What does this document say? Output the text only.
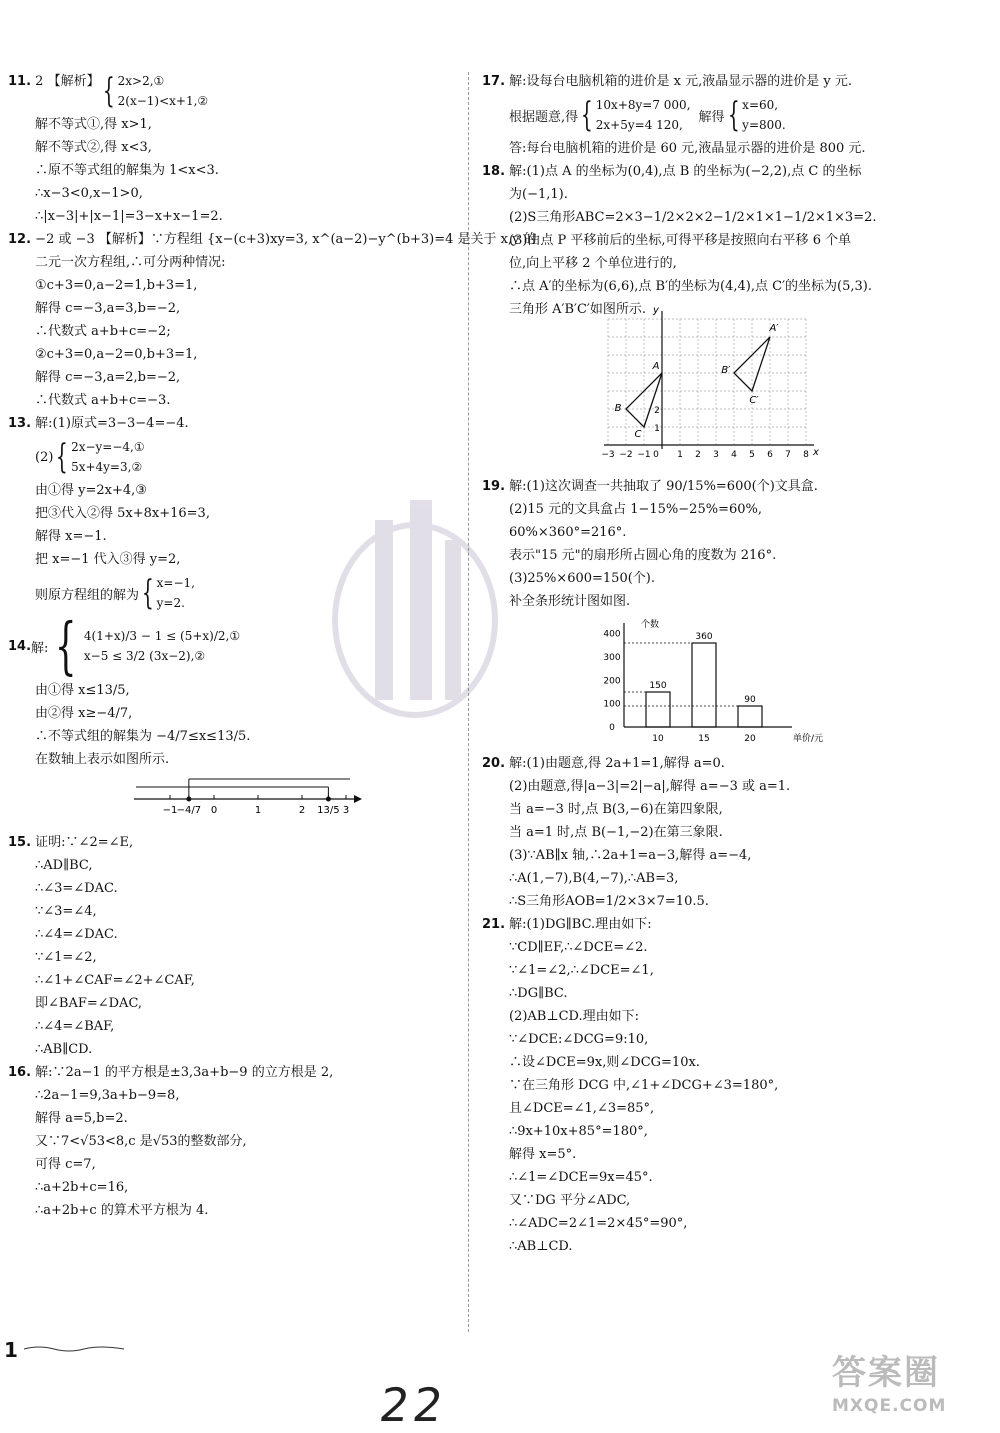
11. 2 【解析】 { 2x>2,①
2(x−1)<x+1,②
解不等式①,得 x>1,
解不等式②,得 x<3,
∴原不等式组的解集为 1<x<3.
∴x−3<0,x−1>0,
∴|x−3|+|x−1|=3−x+x−1=2.
12. −2 或 −3 【解析】∵方程组 {x−(c+3)xy=3, x^(a−2)−y^(b+3)=4 是关于 x,y 的
二元一次方程组,∴可分两种情况:
①c+3=0,a−2=1,b+3=1,
解得 c=−3,a=3,b=−2,
∴代数式 a+b+c=−2;
②c+3=0,a−2=0,b+3=1,
解得 c=−3,a=2,b=−2,
∴代数式 a+b+c=−3.
13. 解:(1)原式=3−3−4=−4.
(2) { 2x−y=−4,①
5x+4y=3,②
由①得 y=2x+4,③
把③代入②得 5x+8x+16=3,
解得 x=−1.
把 x=−1 代入③得 y=2,
则原方程组的解为 { x=−1,
y=2.
14. 解: { 4(1+x)/3 − 1 ≤ (5+x)/2,①
x−5 ≤ 3/2 (3x−2),②
由①得 x≤13/5,
由②得 x≥−4/7,
∴不等式组的解集为 −4/7≤x≤13/5.
在数轴上表示如图所示.
−1 −4/7 0	1	2 13/5 3
15. 证明:∵∠2=∠E,
∴AD∥BC,
∴∠3=∠DAC.
∵∠3=∠4,
∴∠4=∠DAC.
∵∠1=∠2,
∴∠1+∠CAF=∠2+∠CAF,
即∠BAF=∠DAC,
∴∠4=∠BAF,
∴AB∥CD.
16. 解:∵2a−1 的平方根是±3,3a+b−9 的立方根是 2,
∴2a−1=9,3a+b−9=8,
解得 a=5,b=2.
又∵7<√53<8,c 是√53的整数部分,
可得 c=7,
∴a+2b+c=16,
∴a+2b+c 的算术平方根为 4.
17. 解:设每台电脑机箱的进价是 x 元,液晶显示器的进价是 y 元.
根据题意,得 { 10x+8y=7 000,
2x+5y=4 120,
解得 { x=60,
y=800.
答:每台电脑机箱的进价是 60 元,液晶显示器的进价是 800 元.
18. 解:(1)点 A 的坐标为(0,4),点 B 的坐标为(−2,2),点 C 的坐标
为(−1,1).
(2)S三角形ABC=2×3−1/2×2×2−1/2×1×1−1/2×1×3=2.
(3)由点 P 平移前后的坐标,可得平移是按照向右平移 6 个单
位,向上平移 2 个单位进行的,
∴点 A′的坐标为(6,6),点 B′的坐标为(4,4),点 C′的坐标为(5,3).
三角形 A′B′C′如图所示.
x
y
−3 −2 −1 0 1 2 3 4 5 6 7 8
1
2
A
B
C
A′
B′
C′
19. 解:(1)这次调查一共抽取了 90/15%=600(个)文具盒.
(2)15 元的文具盒占 1−15%−25%=60%,
60%×360°=216°.
表示"15 元"的扇形所占圆心角的度数为 216°.
(3)25%×600=150(个).
补全条形统计图如图.
个数
单价/元
0
100
200
300
400
150
10
360
15
90
20
20. 解:(1)由题意,得 2a+1=1,解得 a=0.
(2)由题意,得|a−3|=2|−a|,解得 a=−3 或 a=1.
当 a=−3 时,点 B(3,−6)在第四象限,
当 a=1 时,点 B(−1,−2)在第三象限.
(3)∵AB∥x 轴,∴2a+1=a−3,解得 a=−4,
∴A(1,−7),B(4,−7),∴AB=3,
∴S三角形AOB=1/2×3×7=10.5.
21. 解:(1)DG∥BC.理由如下:
∵CD∥EF,∴∠DCE=∠2.
∵∠1=∠2,∴∠DCE=∠1,
∴DG∥BC.
(2)AB⊥CD.理由如下:
∵∠DCE:∠DCG=9:10,
∴设∠DCE=9x,则∠DCG=10x.
∵在三角形 DCG 中,∠1+∠DCG+∠3=180°,
且∠DCE=∠1,∠3=85°,
∴9x+10x+85°=180°,
解得 x=5°.
∴∠1=∠DCE=9x=45°.
又∵DG 平分∠ADC,
∴∠ADC=2∠1=2×45°=90°,
∴AB⊥CD.
1
22
答案圈
MXQE.COM
